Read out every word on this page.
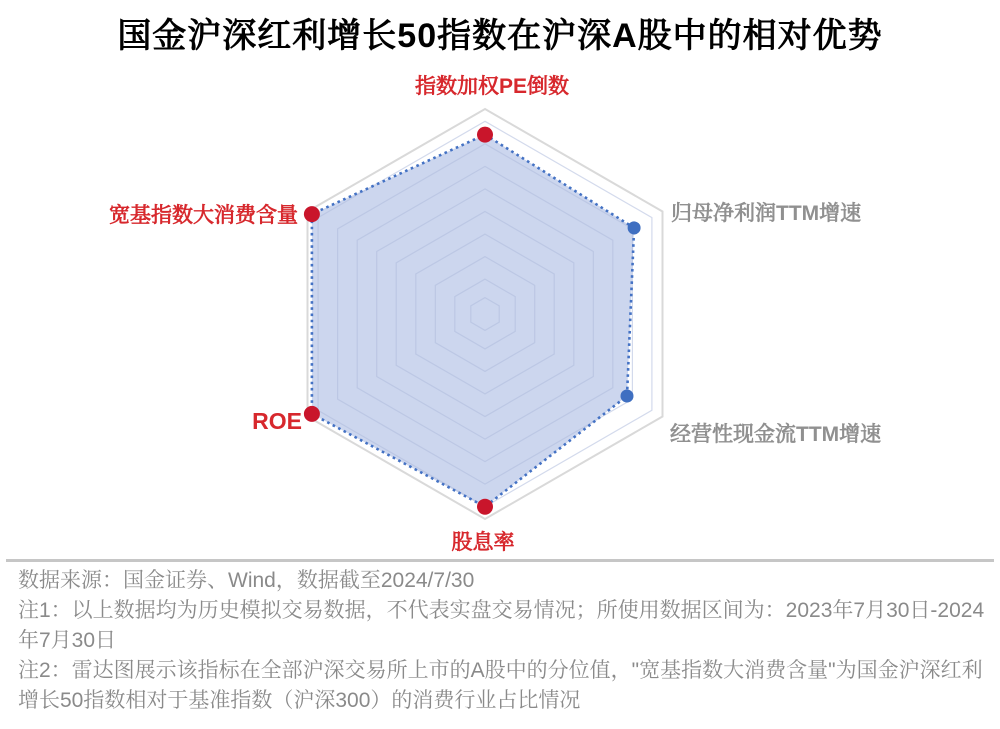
国金沪深红利增长50指数在沪深A股中的相对优势
指数加权PE倒数
归母净利润TTM增速
经营性现金流TTM增速
股息率
ROE
宽基指数大消费含量

数据来源：国金证券、Wind，数据截至2024/7/30

注1：以上数据均为历史模拟交易数据，不代表实盘交易情况；所使用数据区间为：2023年7月30日-2024年7月30日

注2：雷达图展示该指标在全部沪深交易所上市的A股中的分位值，"宽基指数大消费含量"为国金沪深红利增长50指数相对于基准指数（沪深300）的消费行业占比情况
